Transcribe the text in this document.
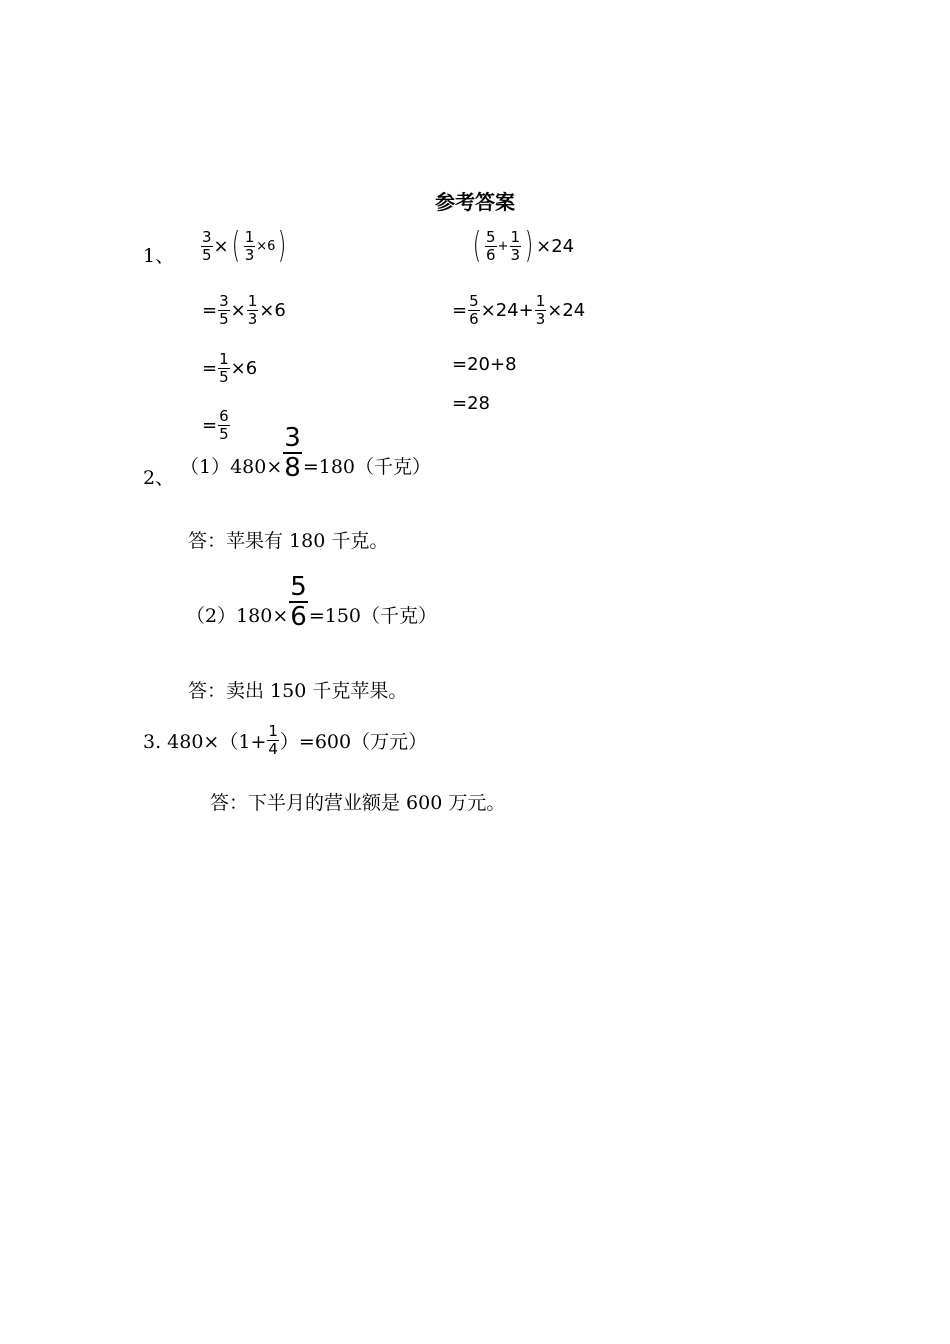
参考答案
1、 $\frac{3}{5}$ × ( $\frac{1}{3} \times 6$ )
= $\frac{3}{5} \times \frac{1}{3} \times 6$
= $\frac{1}{5} \times 6$
= $\frac{6}{5}$
( 5
$6 + \frac{1}{3}$ ) × 24
= $\frac{5}{6} \times 24+ \frac{1}{3} \times 24$
=20+8
=28
2、 $(1)480\times \frac{3}{8} =180$（千克）
答：苹果有 180 千克。
$(2)180\times \frac{5}{6} =150$（千克）
答：卖出 150 千克苹果。
3. $480\times(1+ \frac{1}{4} )=600$（万元）
答：下半月的营业额是 600 万元。
